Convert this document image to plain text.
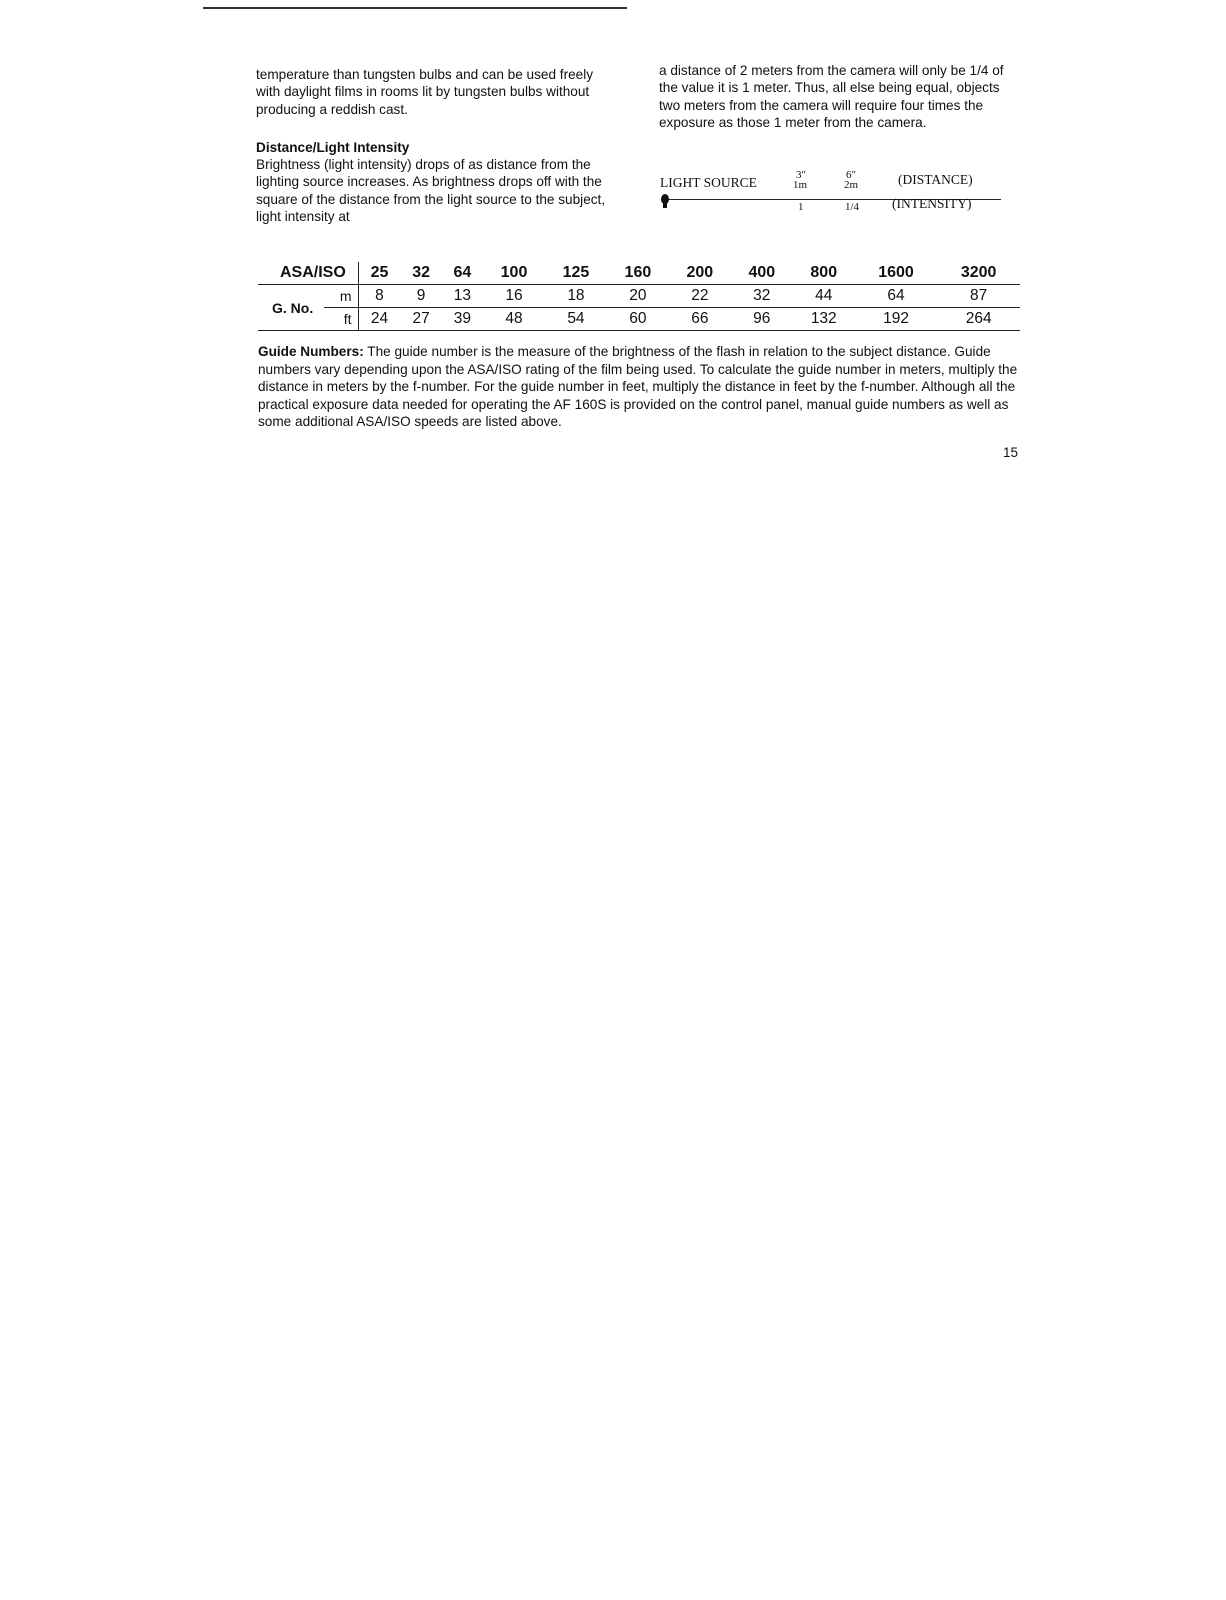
temperature than tungsten bulbs and can be used freely with daylight films in rooms lit by tungsten bulbs without producing a reddish cast.

Distance/Light Intensity

Brightness (light intensity) drops of as distance from the lighting source increases. As brightness drops off with the square of the distance from the light source to the subject, light intensity at

a distance of 2 meters from the camera will only be 1/4 of the value it is 1 meter. Thus, all else being equal, objects two meters from the camera will require four times the exposure as those 1 meter from the camera.

LIGHT SOURCE	3″
1m
6″
2m	(DISTANCE)
1	1/4 (INTENSITY)
ASA/ISO		25	32	64	100	125	160	200	400	800	1600	3200
G. No.	m	8	9	13	16	18	20	22	32	44	64	87
	ft	24	27	39	48	54	60	66	96	132	192	264
Guide Numbers: The guide number is the measure of the brightness of the flash in relation to the subject distance. Guide numbers vary depending upon the ASA/ISO rating of the film being used. To calculate the guide number in meters, multiply the distance in meters by the f-number. For the guide number in feet, multiply the distance in feet by the f-number. Although all the practical exposure data needed for operating the AF 160S is provided on the control panel, manual guide numbers as well as some additional ASA/ISO speeds are listed above.
15
